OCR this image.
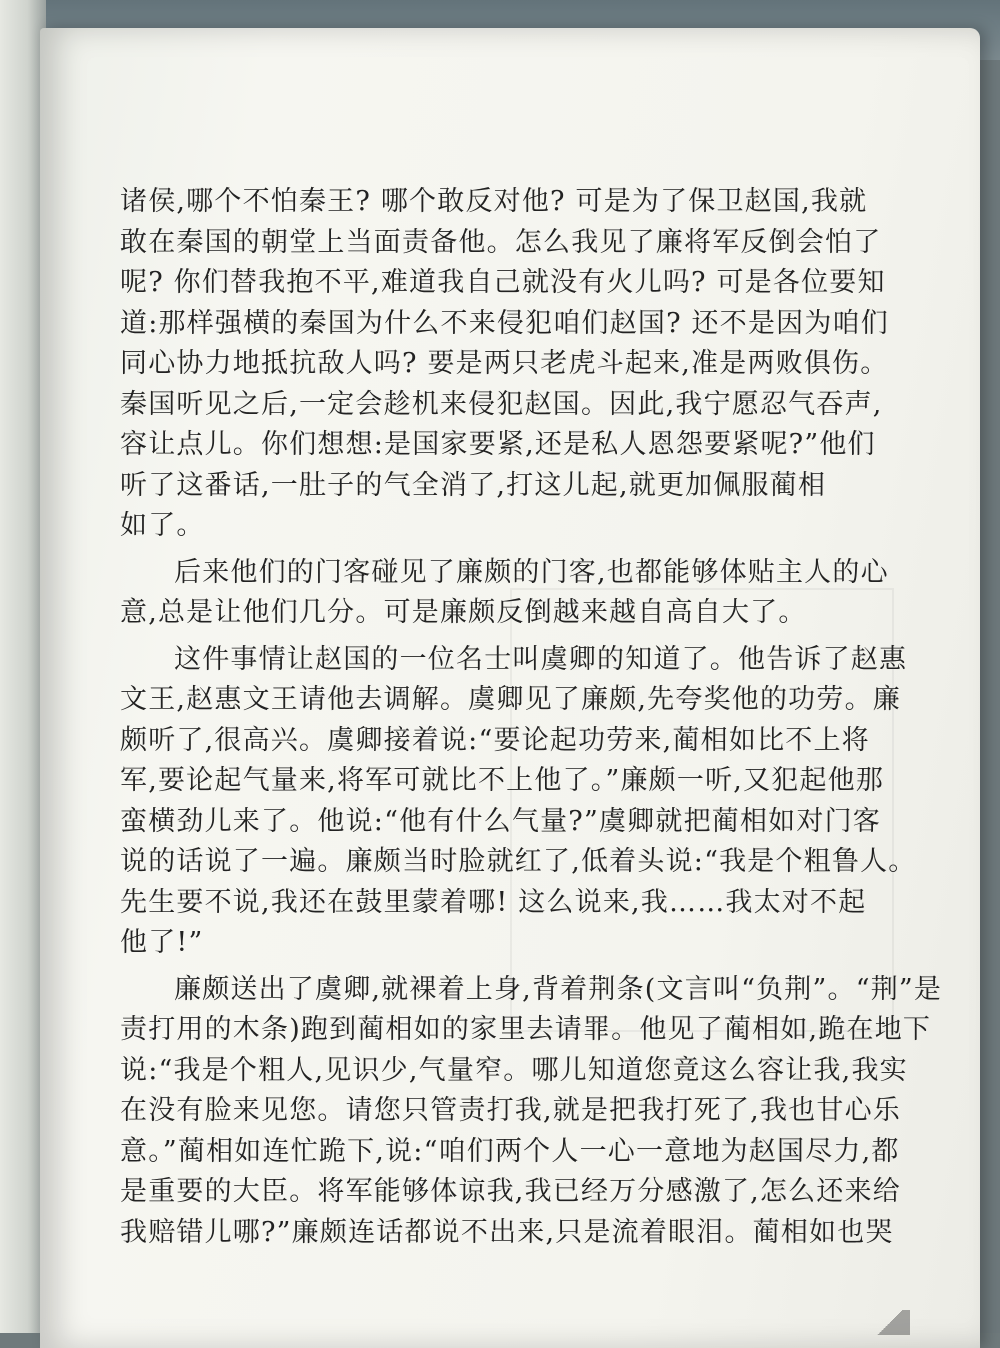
诸侯,哪个不怕秦王? 哪个敢反对他? 可是为了保卫赵国,我就
敢在秦国的朝堂上当面责备他。怎么我见了廉将军反倒会怕了
呢? 你们替我抱不平,难道我自己就没有火儿吗? 可是各位要知
道:那样强横的秦国为什么不来侵犯咱们赵国? 还不是因为咱们
同心协力地抵抗敌人吗? 要是两只老虎斗起来,准是两败俱伤。
秦国听见之后,一定会趁机来侵犯赵国。因此,我宁愿忍气吞声,
容让点儿。你们想想:是国家要紧,还是私人恩怨要紧呢?”他们
听了这番话,一肚子的气全消了,打这儿起,就更加佩服蔺相
如了。
后来他们的门客碰见了廉颇的门客,也都能够体贴主人的心
意,总是让他们几分。可是廉颇反倒越来越自高自大了。
这件事情让赵国的一位名士叫虞卿的知道了。他告诉了赵惠
文王,赵惠文王请他去调解。虞卿见了廉颇,先夸奖他的功劳。廉
颇听了,很高兴。虞卿接着说:“要论起功劳来,蔺相如比不上将
军,要论起气量来,将军可就比不上他了。”廉颇一听,又犯起他那
蛮横劲儿来了。他说:“他有什么气量?”虞卿就把蔺相如对门客
说的话说了一遍。廉颇当时脸就红了,低着头说:“我是个粗鲁人。
先生要不说,我还在鼓里蒙着哪! 这么说来,我……我太对不起
他了!”
廉颇送出了虞卿,就裸着上身,背着荆条(文言叫“负荆”。“荆”是
责打用的木条)跑到蔺相如的家里去请罪。他见了蔺相如,跪在地下
说:“我是个粗人,见识少,气量窄。哪儿知道您竟这么容让我,我实
在没有脸来见您。请您只管责打我,就是把我打死了,我也甘心乐
意。”蔺相如连忙跪下,说:“咱们两个人一心一意地为赵国尽力,都
是重要的大臣。将军能够体谅我,我已经万分感激了,怎么还来给
我赔错儿哪?”廉颇连话都说不出来,只是流着眼泪。蔺相如也哭
